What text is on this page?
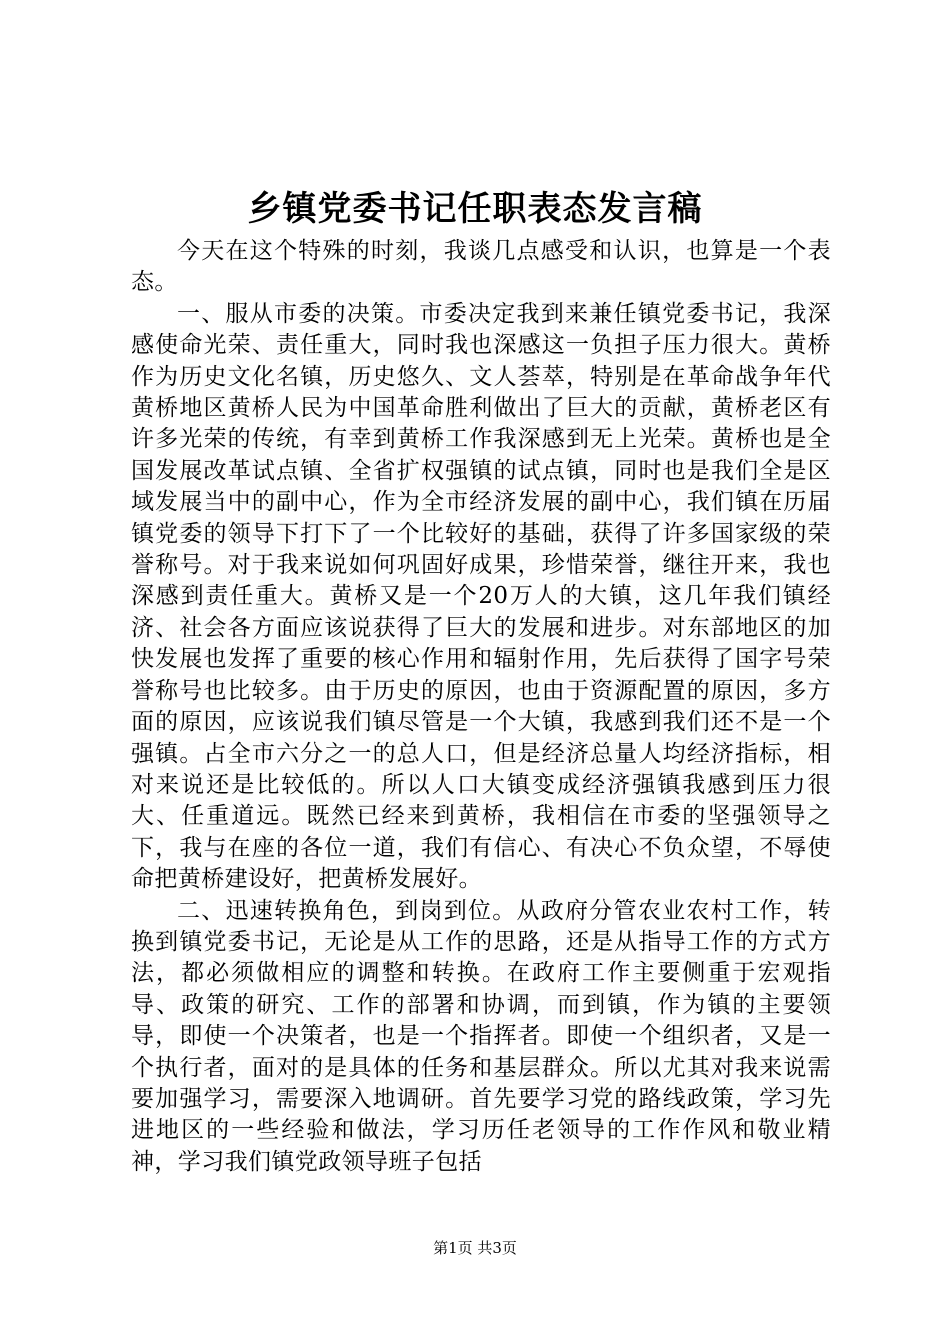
乡镇党委书记任职表态发言稿

今天在这个特殊的时刻，我谈几点感受和认识，也算是一个表态。

一、服从市委的决策。市委决定我到来兼任镇党委书记，我深感使命光荣、责任重大，同时我也深感这一负担子压力很大。黄桥作为历史文化名镇，历史悠久、文人荟萃，特别是在革命战争年代黄桥地区黄桥人民为中国革命胜利做出了巨大的贡献，黄桥老区有许多光荣的传统，有幸到黄桥工作我深感到无上光荣。黄桥也是全国发展改革试点镇、全省扩权强镇的试点镇，同时也是我们全是区域发展当中的副中心，作为全市经济发展的副中心，我们镇在历届镇党委的领导下打下了一个比较好的基础，获得了许多国家级的荣誉称号。对于我来说如何巩固好成果，珍惜荣誉，继往开来，我也深感到责任重大。黄桥又是一个20万人的大镇，这几年我们镇经济、社会各方面应该说获得了巨大的发展和进步。对东部地区的加快发展也发挥了重要的核心作用和辐射作用，先后获得了国字号荣誉称号也比较多。由于历史的原因，也由于资源配置的原因，多方面的原因，应该说我们镇尽管是一个大镇，我感到我们还不是一个强镇。占全市六分之一的总人口，但是经济总量人均经济指标，相对来说还是比较低的。所以人口大镇变成经济强镇我感到压力很大、任重道远。既然已经来到黄桥，我相信在市委的坚强领导之下，我与在座的各位一道，我们有信心、有决心不负众望，不辱使命把黄桥建设好，把黄桥发展好。

二、迅速转换角色，到岗到位。从政府分管农业农村工作，转换到镇党委书记，无论是从工作的思路，还是从指导工作的方式方法，都必须做相应的调整和转换。在政府工作主要侧重于宏观指导、政策的研究、工作的部署和协调，而到镇，作为镇的主要领导，即使一个决策者，也是一个指挥者。即使一个组织者，又是一个执行者，面对的是具体的任务和基层群众。所以尤其对我来说需要加强学习，需要深入地调研。首先要学习党的路线政策，学习先进地区的一些经验和做法，学习历任老领导的工作作风和敬业精神，学习我们镇党政领导班子包括

第1页 共3页
